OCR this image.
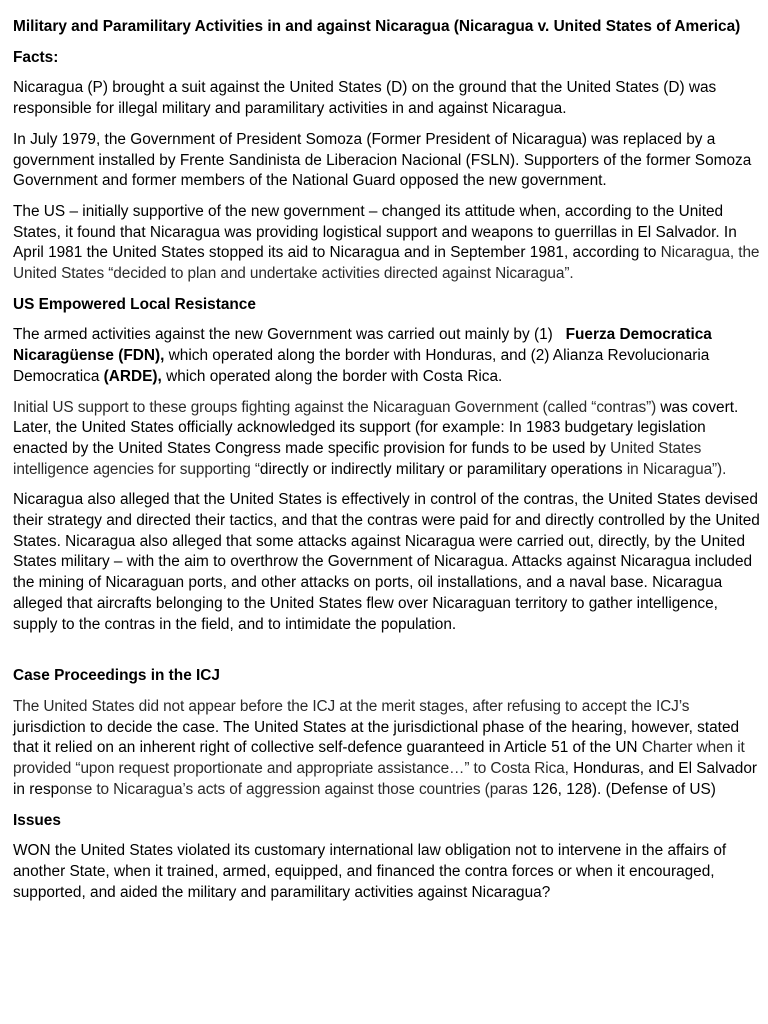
Military and Paramilitary Activities in and against Nicaragua (Nicaragua v. United States of America)

Facts:

Nicaragua (P) brought a suit against the United States (D) on the ground that the United States (D) was responsible for illegal military and paramilitary activities in and against Nicaragua.

In July 1979, the Government of President Somoza (Former President of Nicaragua) was replaced by a government installed by Frente Sandinista de Liberacion Nacional (FSLN). Supporters of the former Somoza Government and former members of the National Guard opposed the new government.

The US – initially supportive of the new government – changed its attitude when, according to the United States, it found that Nicaragua was providing logistical support and weapons to guerrillas in El Salvador. In April 1981 the United States stopped its aid to Nicaragua and in September 1981, according to Nicaragua, the United States “decided to plan and undertake activities directed against Nicaragua”.

US Empowered Local Resistance

The armed activities against the new Government was carried out mainly by (1)   Fuerza Democratica Nicaragüense (FDN), which operated along the border with Honduras, and (2) Alianza Revolucionaria Democratica (ARDE), which operated along the border with Costa Rica.

Initial US support to these groups fighting against the Nicaraguan Government (called “contras”) was covert. Later, the United States officially acknowledged its support (for example: In 1983 budgetary legislation enacted by the United States Congress made specific provision for funds to be used by United States intelligence agencies for supporting “directly or indirectly military or paramilitary operations in Nicaragua”).

Nicaragua also alleged that the United States is effectively in control of the contras, the United States devised their strategy and directed their tactics, and that the contras were paid for and directly controlled by the United States. Nicaragua also alleged that some attacks against Nicaragua were carried out, directly, by the United States military – with the aim to overthrow the Government of Nicaragua. Attacks against Nicaragua included the mining of Nicaraguan ports, and other attacks on ports, oil installations, and a naval base. Nicaragua alleged that aircrafts belonging to the United States flew over Nicaraguan territory to gather intelligence, supply to the contras in the field, and to intimidate the population.

Case Proceedings in the ICJ

The United States did not appear before the ICJ at the merit stages, after refusing to accept the ICJ’s jurisdiction to decide the case. The United States at the jurisdictional phase of the hearing, however, stated that it relied on an inherent right of collective self-defence guaranteed in Article 51 of the UN Charter when it provided “upon request proportionate and appropriate assistance…” to Costa Rica, Honduras, and El Salvador in response to Nicaragua’s acts of aggression against those countries (paras 126, 128). (Defense of US)

Issues

WON the United States violated its customary international law obligation not to intervene in the affairs of another State, when it trained, armed, equipped, and financed the contra forces or when it encouraged, supported, and aided the military and paramilitary activities against Nicaragua?
